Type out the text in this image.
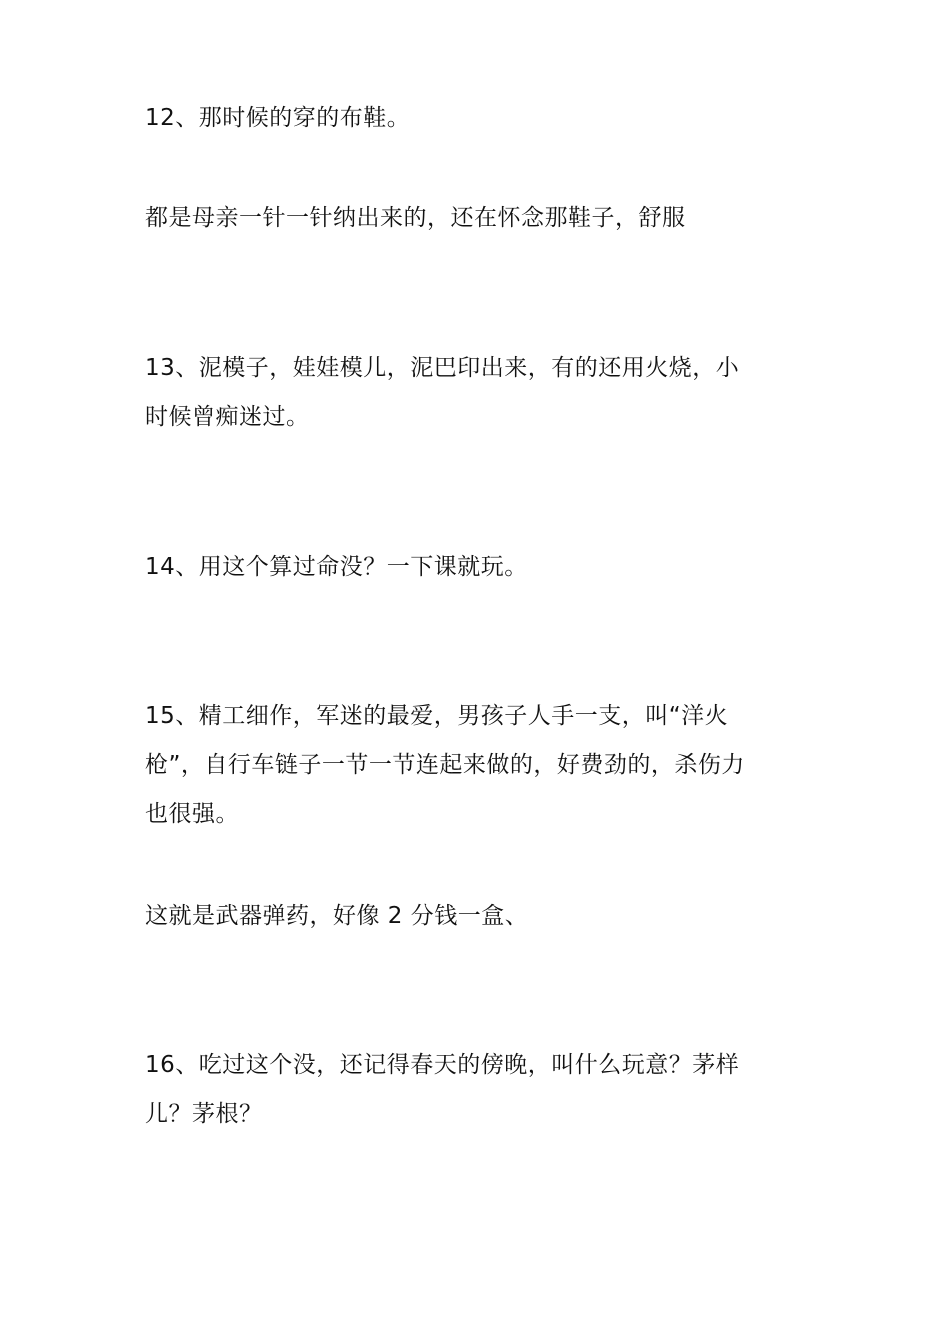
12、那时候的穿的布鞋。

都是母亲一针一针纳出来的，还在怀念那鞋子，舒服

13、泥模子，娃娃模儿，泥巴印出来，有的还用火烧，小
时候曾痴迷过。

14、用这个算过命没？一下课就玩。

15、精工细作，军迷的最爱，男孩子人手一支，叫“洋火
枪”，自行车链子一节一节连起来做的，好费劲的，杀伤力
也很强。

这就是武器弹药，好像 2 分钱一盒、

16、吃过这个没，还记得春天的傍晚，叫什么玩意？茅样
儿？茅根？
